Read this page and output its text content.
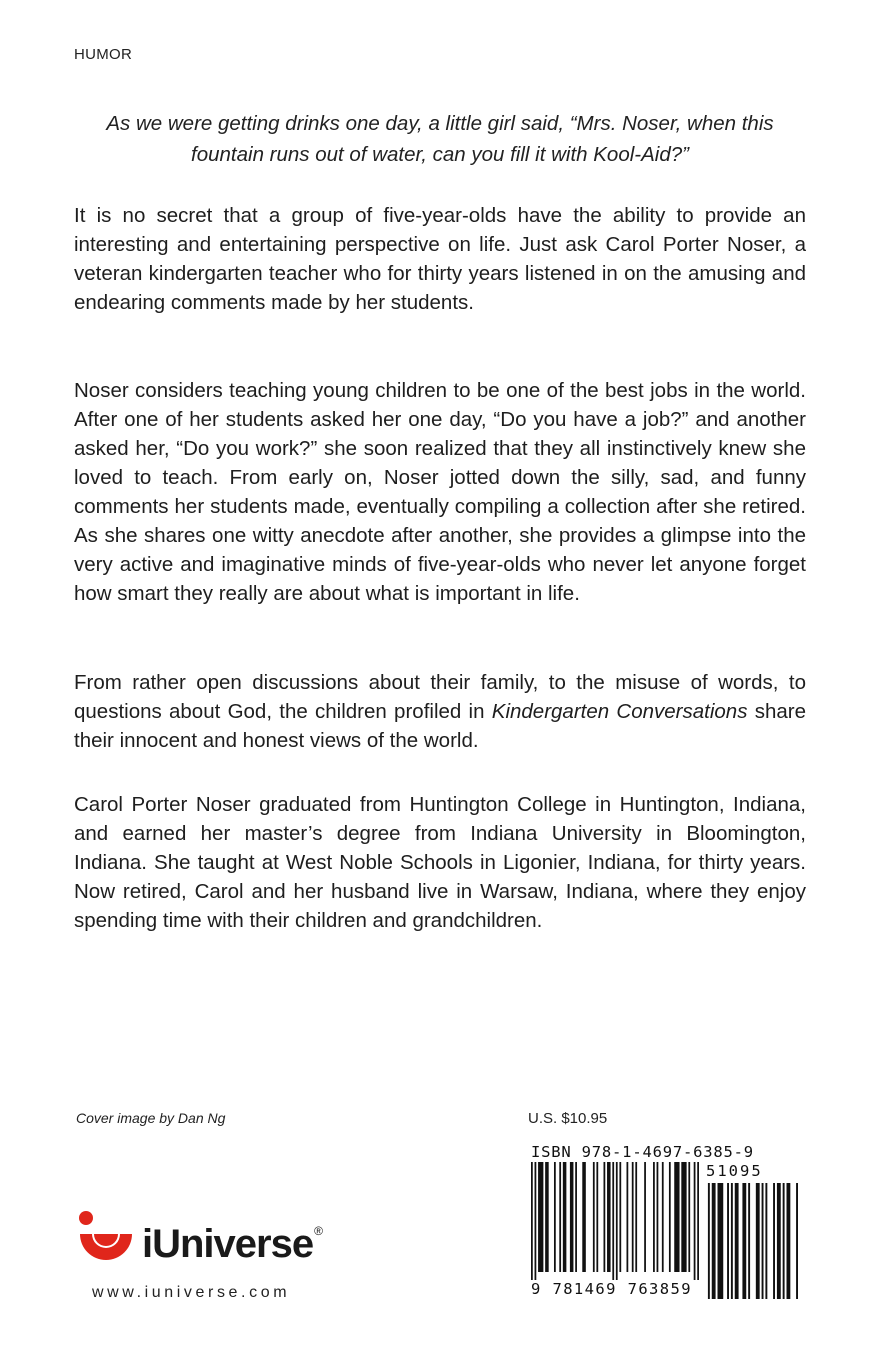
HUMOR
As we were getting drinks one day, a little girl said, “Mrs. Noser, when this fountain runs out of water, can you fill it with Kool-Aid?”

It is no secret that a group of five-year-olds have the ability to provide an interesting and entertaining perspective on life. Just ask Carol Porter Noser, a veteran kindergarten teacher who for thirty years listened in on the amusing and endearing comments made by her students.

Noser considers teaching young children to be one of the best jobs in the world. After one of her students asked her one day, “Do you have a job?” and another asked her, “Do you work?” she soon realized that they all instinctively knew she loved to teach. From early on, Noser jotted down the silly, sad, and funny comments her students made, eventually compiling a collection after she retired. As she shares one witty anecdote after another, she provides a glimpse into the very active and imaginative minds of five-year-olds who never let anyone forget how smart they really are about what is important in life.

From rather open discussions about their family, to the misuse of words, to questions about God, the children profiled in Kindergarten Conversations share their innocent and honest views of the world.

Carol Porter Noser graduated from Huntington College in Huntington, Indiana, and earned her master’s degree from Indiana University in Bloomington, Indiana. She taught at West Noble Schools in Ligonier, Indiana, for thirty years. Now retired, Carol and her husband live in Warsaw, Indiana, where they enjoy spending time with their children and grandchildren.

Cover image by Dan Ng	U.S. $10.95
ISBN 978-1-4697-6385-9
51095
9 781469 763859
iUniverse®
www.iuniverse.com
